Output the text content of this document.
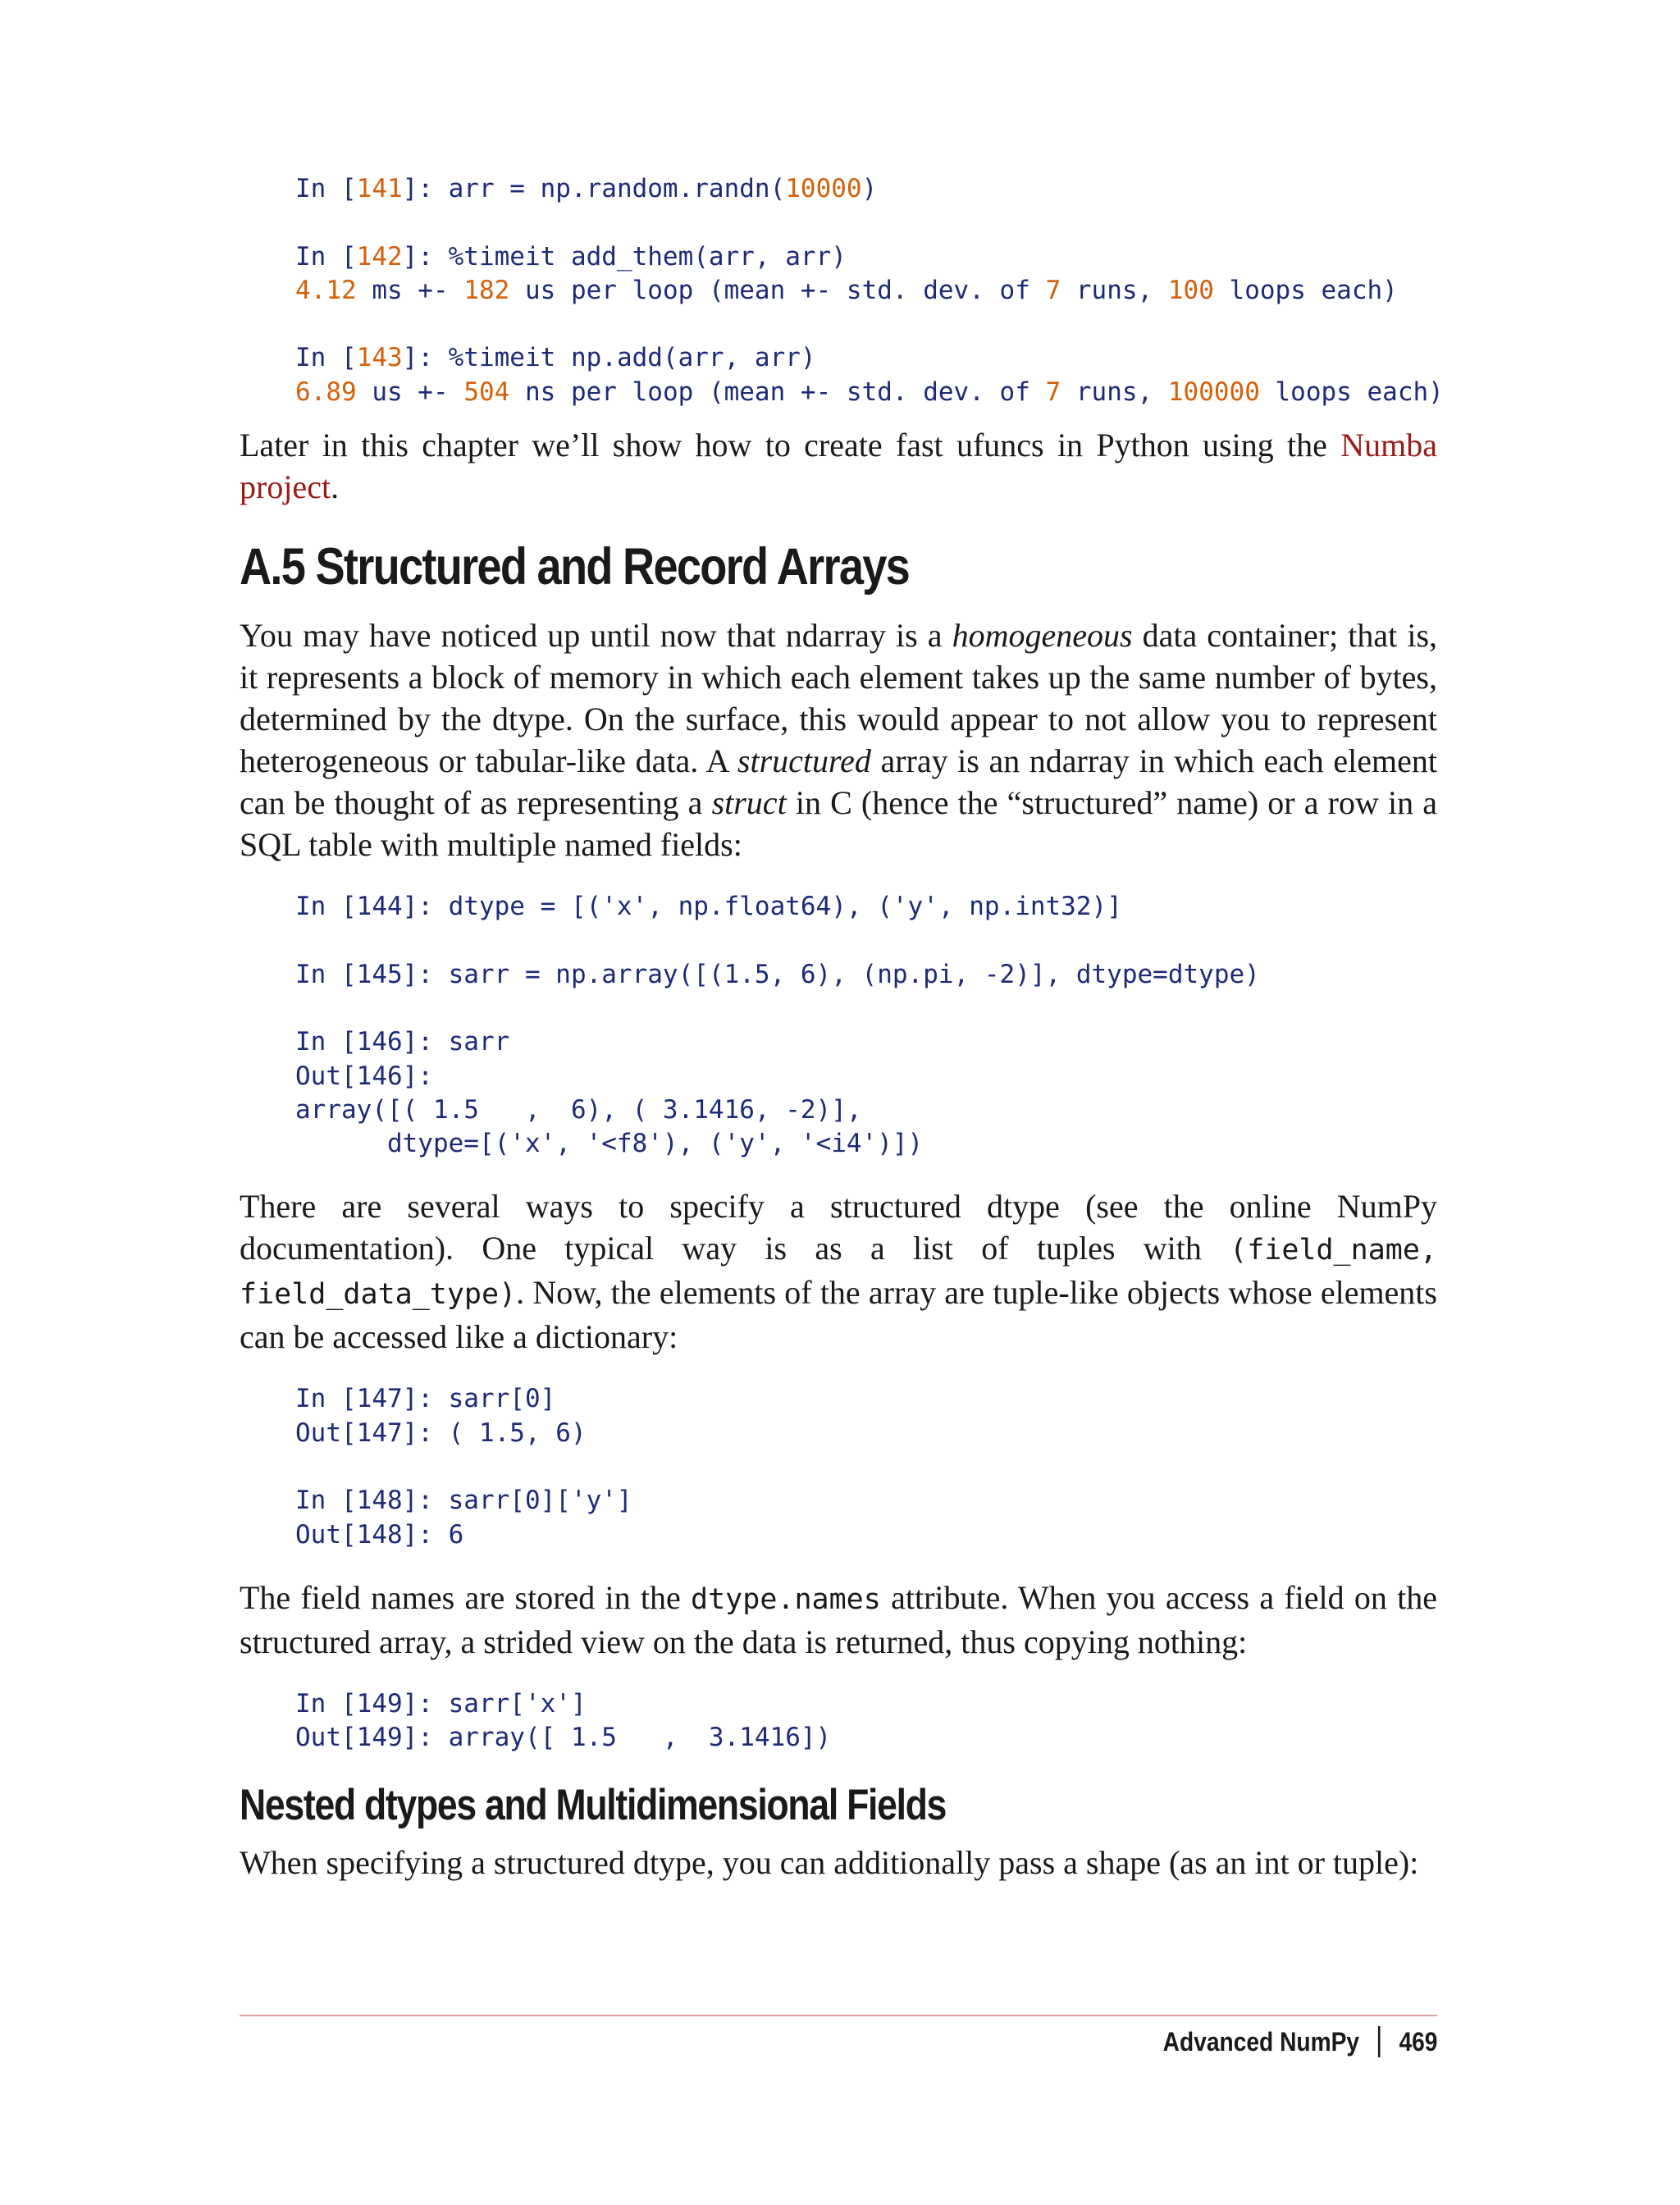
In [141]: arr = np.random.randn(10000)

In [142]: %timeit add_them(arr, arr)
4.12 ms +- 182 us per loop (mean +- std. dev. of 7 runs, 100 loops each)

In [143]: %timeit np.add(arr, arr)
6.89 us +- 504 ns per loop (mean +- std. dev. of 7 runs, 100000 loops each)

Later in this chapter we’ll show how to create fast ufuncs in Python using the Numba project.

A.5 Structured and Record Arrays

You may have noticed up until now that ndarray is a homogeneous data container; that is, it represents a block of memory in which each element takes up the same number of bytes, determined by the dtype. On the surface, this would appear to not allow you to represent heterogeneous or tabular-like data. A structured array is an ndarray in which each element can be thought of as representing a struct in C (hence the “structured” name) or a row in a SQL table with multiple named fields:

In [144]: dtype = [('x', np.float64), ('y', np.int32)]

In [145]: sarr = np.array([(1.5, 6), (np.pi, -2)], dtype=dtype)

In [146]: sarr
Out[146]:
array([( 1.5   ,  6), ( 3.1416, -2)],
dtype=[('x', '<f8'), ('y', '<i4')])

There are several ways to specify a structured dtype (see the online NumPy documentation). One typical way is as a list of tuples with (field_name, field_data_type). Now, the elements of the array are tuple-like objects whose elements can be accessed like a dictionary:

In [147]: sarr[0]
Out[147]: ( 1.5, 6)

In [148]: sarr[0]['y']
Out[148]: 6

The field names are stored in the dtype.names attribute. When you access a field on the structured array, a strided view on the data is returned, thus copying nothing:

In [149]: sarr['x']
Out[149]: array([ 1.5   ,  3.1416])
Nested dtypes and Multidimensional Fields

When specifying a structured dtype, you can additionally pass a shape (as an int or tuple):

Advanced NumPy 469
